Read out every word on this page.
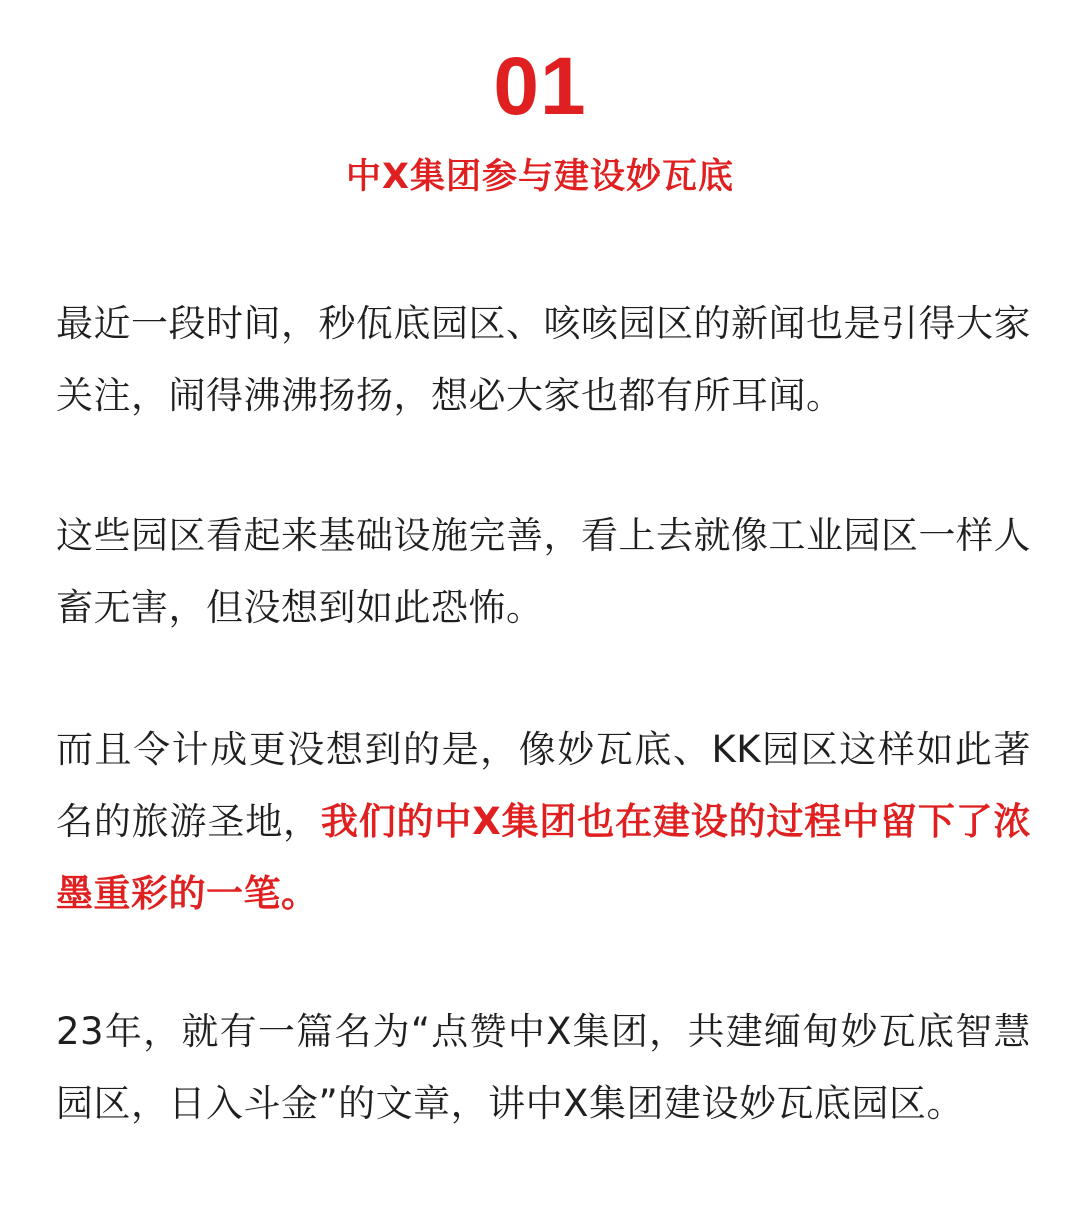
01
中X集团参与建设妙瓦底

最近一段时间，秒佤底园区、咳咳园区的新闻也是引得大家关注，闹得沸沸扬扬，想必大家也都有所耳闻。

这些园区看起来基础设施完善，看上去就像工业园区一样人畜无害，但没想到如此恐怖。

而且令计成更没想到的是，像妙瓦底、KK园区这样如此著名的旅游圣地，我们的中X集团也在建设的过程中留下了浓墨重彩的一笔。

23年，就有一篇名为“点赞中X集团，共建缅甸妙瓦底智慧园区，日入斗金”的文章，讲中X集团建设妙瓦底园区。
